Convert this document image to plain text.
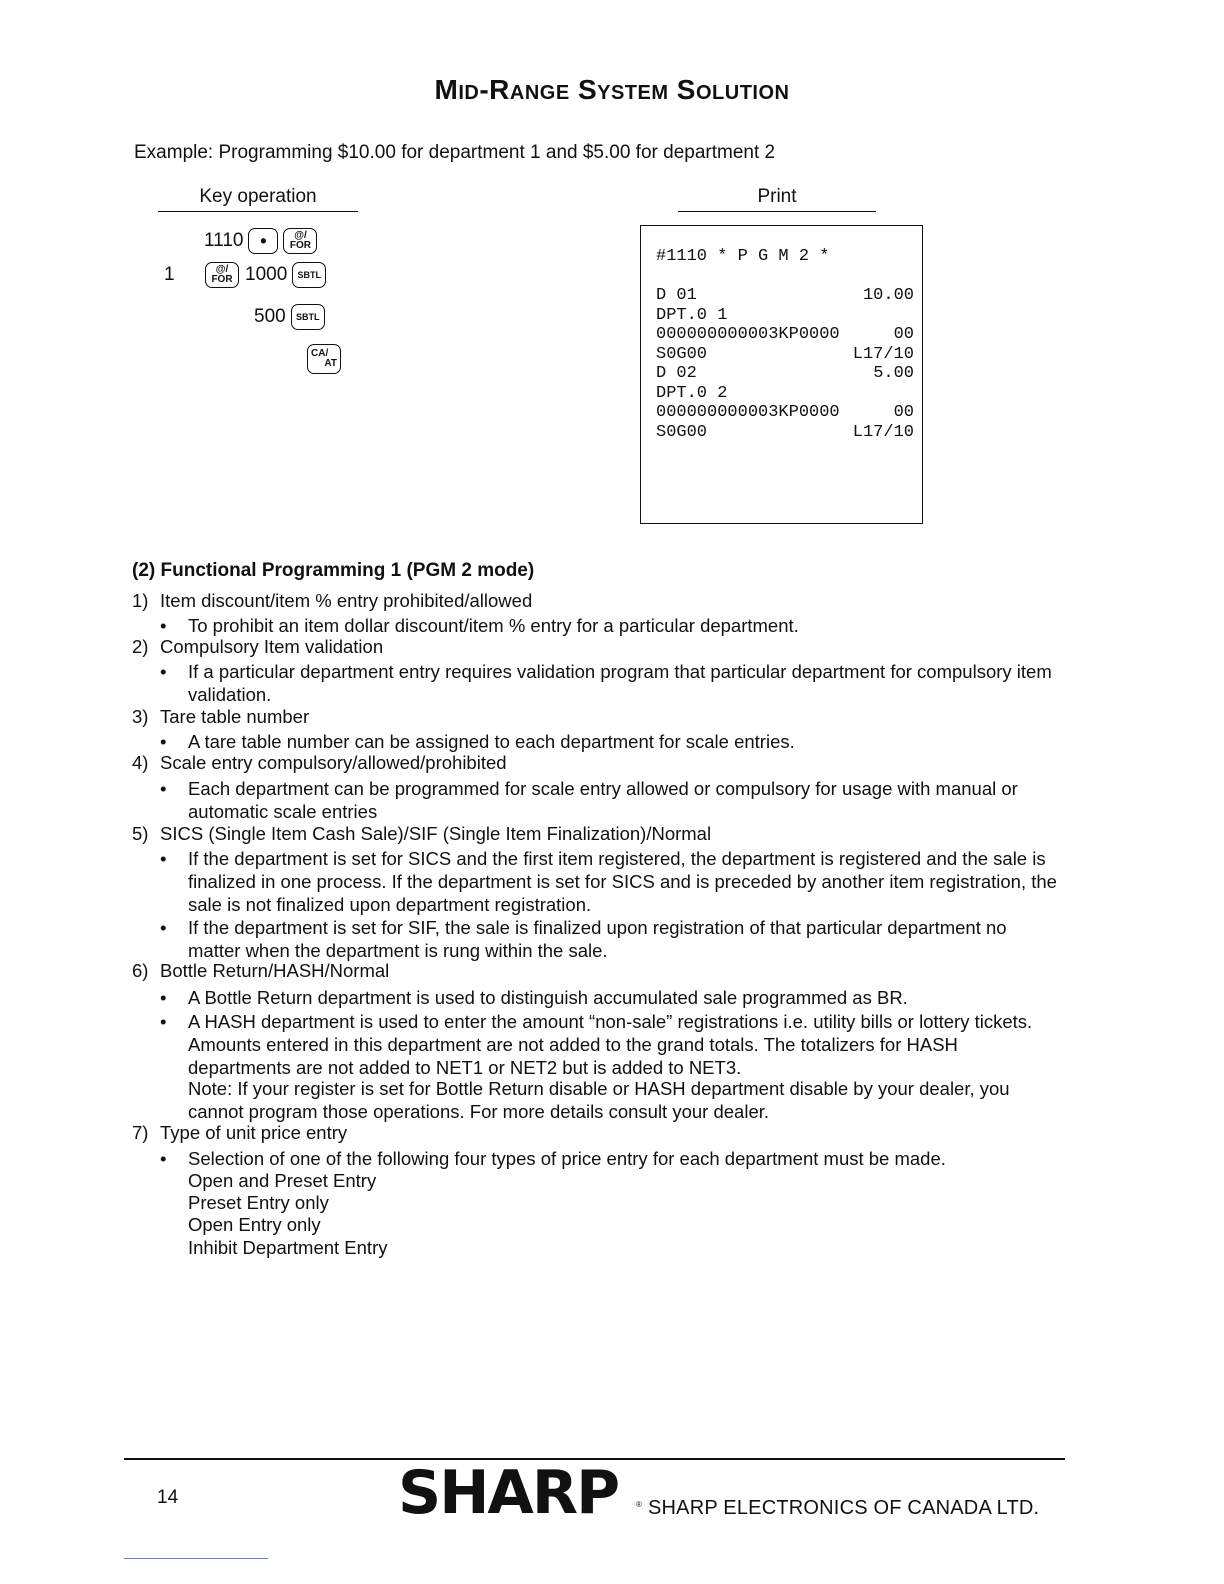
Mid-Range System Solution
Example: Programming $10.00 for department 1 and $5.00 for department 2
Key operation	Print
1110 •	@/
FOR
1	@/
FOR 1000 SBTL
500 SBTL
CA/
AT
#1110 * P G M 2 *
D 01	10.00
DPT.0 1
000000000003KP0000	00
S0G00	L17/10
D 02	5.00
DPT.0 2
000000000003KP0000	00
S0G00	L17/10
(2) Functional Programming 1 (PGM 2 mode)
1) Item discount/item % entry prohibited/allowed
• To prohibit an item dollar discount/item % entry for a particular department.
2) Compulsory Item validation
• If a particular department entry requires validation program that particular department for compulsory item validation.
3) Tare table number
• A tare table number can be assigned to each department for scale entries.
4) Scale entry compulsory/allowed/prohibited
• Each department can be programmed for scale entry allowed or compulsory for usage with manual or automatic scale entries
5) SICS (Single Item Cash Sale)/SIF (Single Item Finalization)/Normal
• If the department is set for SICS and the first item registered, the department is registered and the sale is finalized in one process. If the department is set for SICS and is preceded by another item registration, the sale is not finalized upon department registration.
• If the department is set for SIF, the sale is finalized upon registration of that particular department no matter when the department is rung within the sale.
6) Bottle Return/HASH/Normal
• A Bottle Return department is used to distinguish accumulated sale programmed as BR.
• A HASH department is used to enter the amount “non-sale” registrations i.e. utility bills or lottery tickets. Amounts entered in this department are not added to the grand totals. The totalizers for HASH departments are not added to NET1 or NET2 but is added to NET3.
Note: If your register is set for Bottle Return disable or HASH department disable by your dealer, you cannot program those operations. For more details consult your dealer.
7) Type of unit price entry
• Selection of one of the following four types of price entry for each department must be made.
Open and Preset Entry
Preset Entry only
Open Entry only
Inhibit Department Entry
14	SHARP ® SHARP ELECTRONICS OF CANADA LTD.
